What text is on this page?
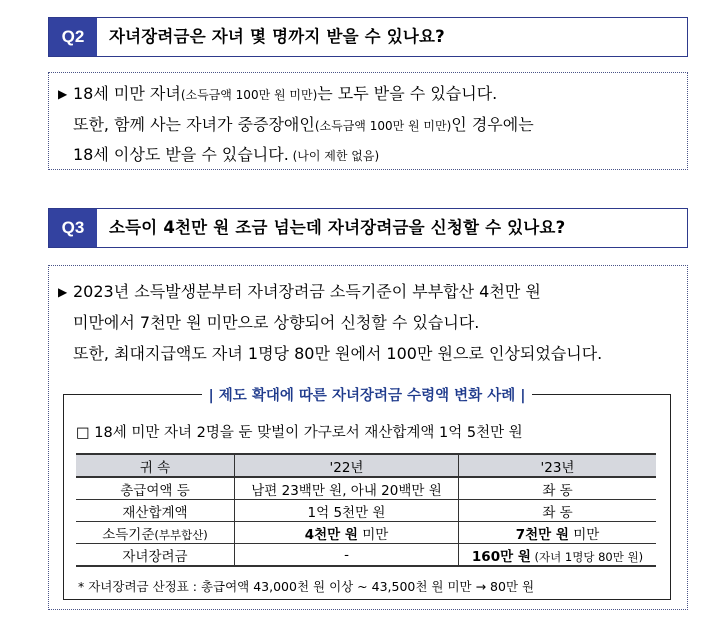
Q2	자녀장려금은 자녀 몇 명까지 받을 수 있나요?
▶ 18세 미만 자녀(소득금액 100만 원 미만)는 모두 받을 수 있습니다.
또한, 함께 사는 자녀가 중증장애인(소득금액 100만 원 미만)인 경우에는
18세 이상도 받을 수 있습니다. (나이 제한 없음)
Q3	소득이 4천만 원 조금 넘는데 자녀장려금을 신청할 수 있나요?
▶ 2023년 소득발생분부터 자녀장려금 소득기준이 부부합산 4천만 원
미만에서 7천만 원 미만으로 상향되어 신청할 수 있습니다.
또한, 최대지급액도 자녀 1명당 80만 원에서 100만 원으로 인상되었습니다.
| 제도 확대에 따른 자녀장려금 수령액 변화 사례 |
□ 18세 미만 자녀 2명을 둔 맞벌이 가구로서 재산합계액 1억 5천만 원
귀 속	'22년	'23년
총급여액 등	남편 23백만 원, 아내 20백만 원	좌 동
재산합계액	1억 5천만 원	좌 동
소득기준(부부합산)	4천만 원 미만	7천만 원 미만
자녀장려금	-	160만 원 (자녀 1명당 80만 원)
* 자녀장려금 산정표 : 총급여액 43,000천 원 이상 ~ 43,500천 원 미만 → 80만 원
